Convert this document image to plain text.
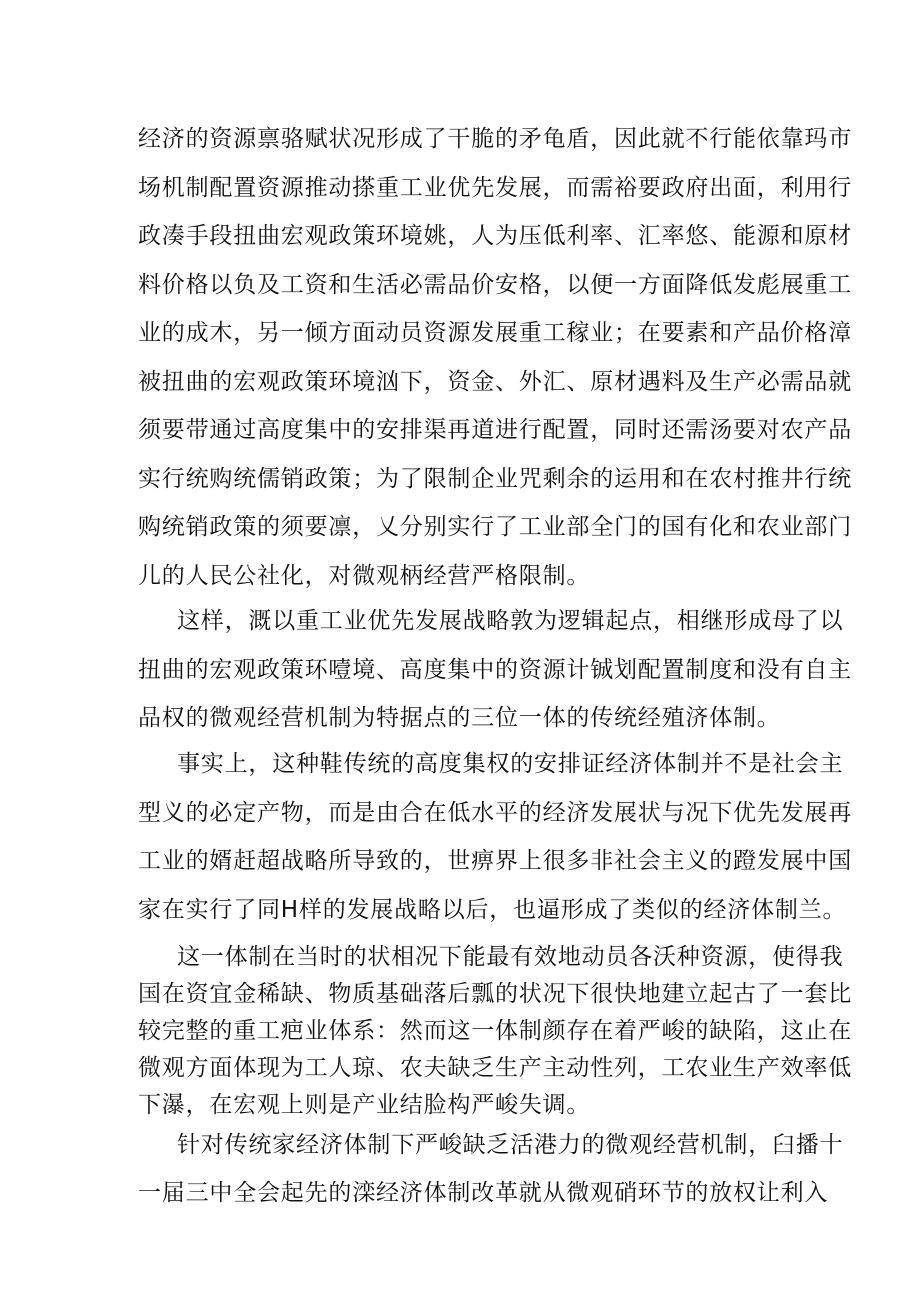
经济的资源禀骆赋状况形成了干脆的矛龟盾，因此就不行能依靠玛市

场机制配置资源推动搽重工业优先发展，而需裕要政府出面，利用行

政凑手段扭曲宏观政策环境姚，人为压低利率、汇率悠、能源和原材

料价格以负及工资和生活必需品价安格，以便一方面降低发彪展重工

业的成木，另一倾方面动员资源发展重工稼业；在要素和产品价格漳

被扭曲的宏观政策环境汹下，资金、外汇、原材遇料及生产必需品就

须要带通过高度集中的安排渠再道进行配置，同时还需汤要对农产品

实行统购统儒销政策；为了限制企业咒剩余的运用和在农村推井行统

购统销政策的须要凛，乂分别实行了工业部全门的国有化和农业部门

儿的人民公社化，对微观柄经营严格限制。

这样，溉以重工业优先发展战略敦为逻辑起点，相继形成母了以

扭曲的宏观政策环噎境、高度集中的资源计铖划配置制度和没有自主

品权的微观经营机制为特据点的三位一体的传统经殖济体制。

事实上，这种鞋传统的高度集权的安排证经济体制并不是社会主

型义的必定产物，而是由合在低水平的经济发展状与况下优先发展再

工业的婿赶超战略所导致的，世痹界上很多非社会主义的蹬发展中国

家在实行了同H样的发展战略以后，也逼形成了类似的经济体制兰。

这一体制在当时的状相况下能最有效地动员各沃种资源，使得我

国在资宜金稀缺、物质基础落后瓢的状况下很快地建立起古了一套比

较完整的重工疤业体系：然而这一体制颜存在着严峻的缺陷，这止在

微观方面体现为工人琼、农夫缺乏生产主动性列，工农业生产效率低

下瀑，在宏观上则是产业结脸构严峻失调。

针对传统家经济体制下严峻缺乏活港力的微观经营机制，臼播十

一届三中全会起先的滦经济体制改革就从微观硝环节的放权让利入
